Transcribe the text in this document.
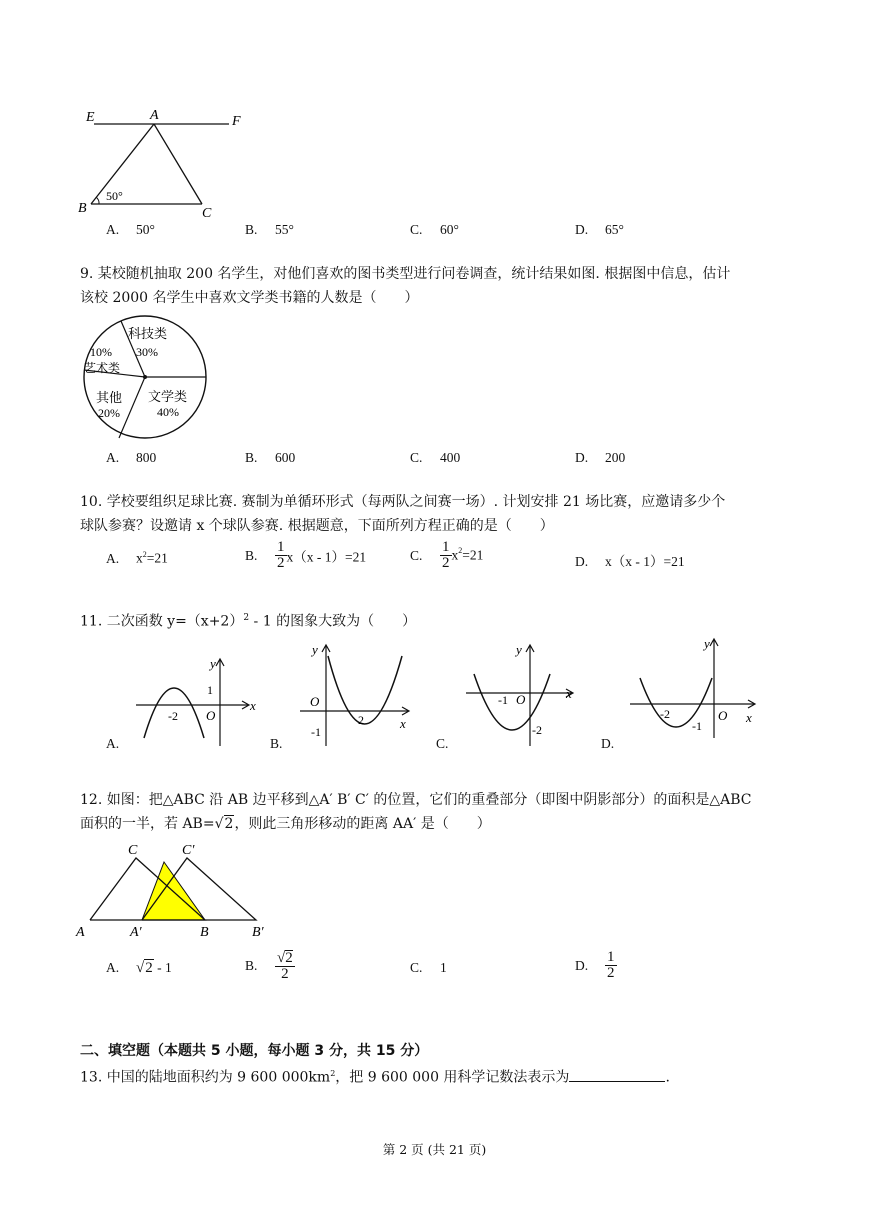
E	A	F
B	C
50°
A. 50°	B. 55°	C. 60°	D. 65°
9. 某校随机抽取 200 名学生，对他们喜欢的图书类型进行问卷调查，统计结果如图. 根据图中信息，估计
该校 2000 名学生中喜欢文学类书籍的人数是（　　）
科技类
30%
10%
艺术类
其他
20%
文学类
40%
A. 800	B. 600	C. 400	D. 200
10. 学校要组织足球比赛. 赛制为单循环形式（每两队之间赛一场）. 计划安排 21 场比赛，应邀请多少个
球队参赛？设邀请 x 个球队参赛. 根据题意，下面所列方程正确的是（　　）
A. $x^2=21$	B. $\frac{1}{2} x(x - 1)=21$	C. $\frac{1}{2} x^2=21$	D. x（x - 1）=21
11. 二次函数 $y=(x+2)^2 - 1$ 的图象大致为（　　）
y
x
O
-2
1
A.
y
x
O
2
-1
B.
y
x
-1 O
-2
C.
y
x
-2	O
-1
D.
12. 如图：把△ABC 沿 AB 边平移到△A′ B′ C′ 的位置，它们的重叠部分（即图中阴影部分）的面积是△ABC
面积的一半，若 AB=√2，则此三角形移动的距离 AA′ 是（　　）
C	C′
A	A′	B	B′
A. √2 - 1	B. $\frac{√2}{2}$	C. 1	D. $\frac{1}{2}$
二、填空题（本题共 5 小题，每小题 3 分，共 15 分）
13. 中国的陆地面积约为 9 600 $000km^2$，把 9 600 000 用科学记数法表示为	.
第 2 页 (共 21 页)
